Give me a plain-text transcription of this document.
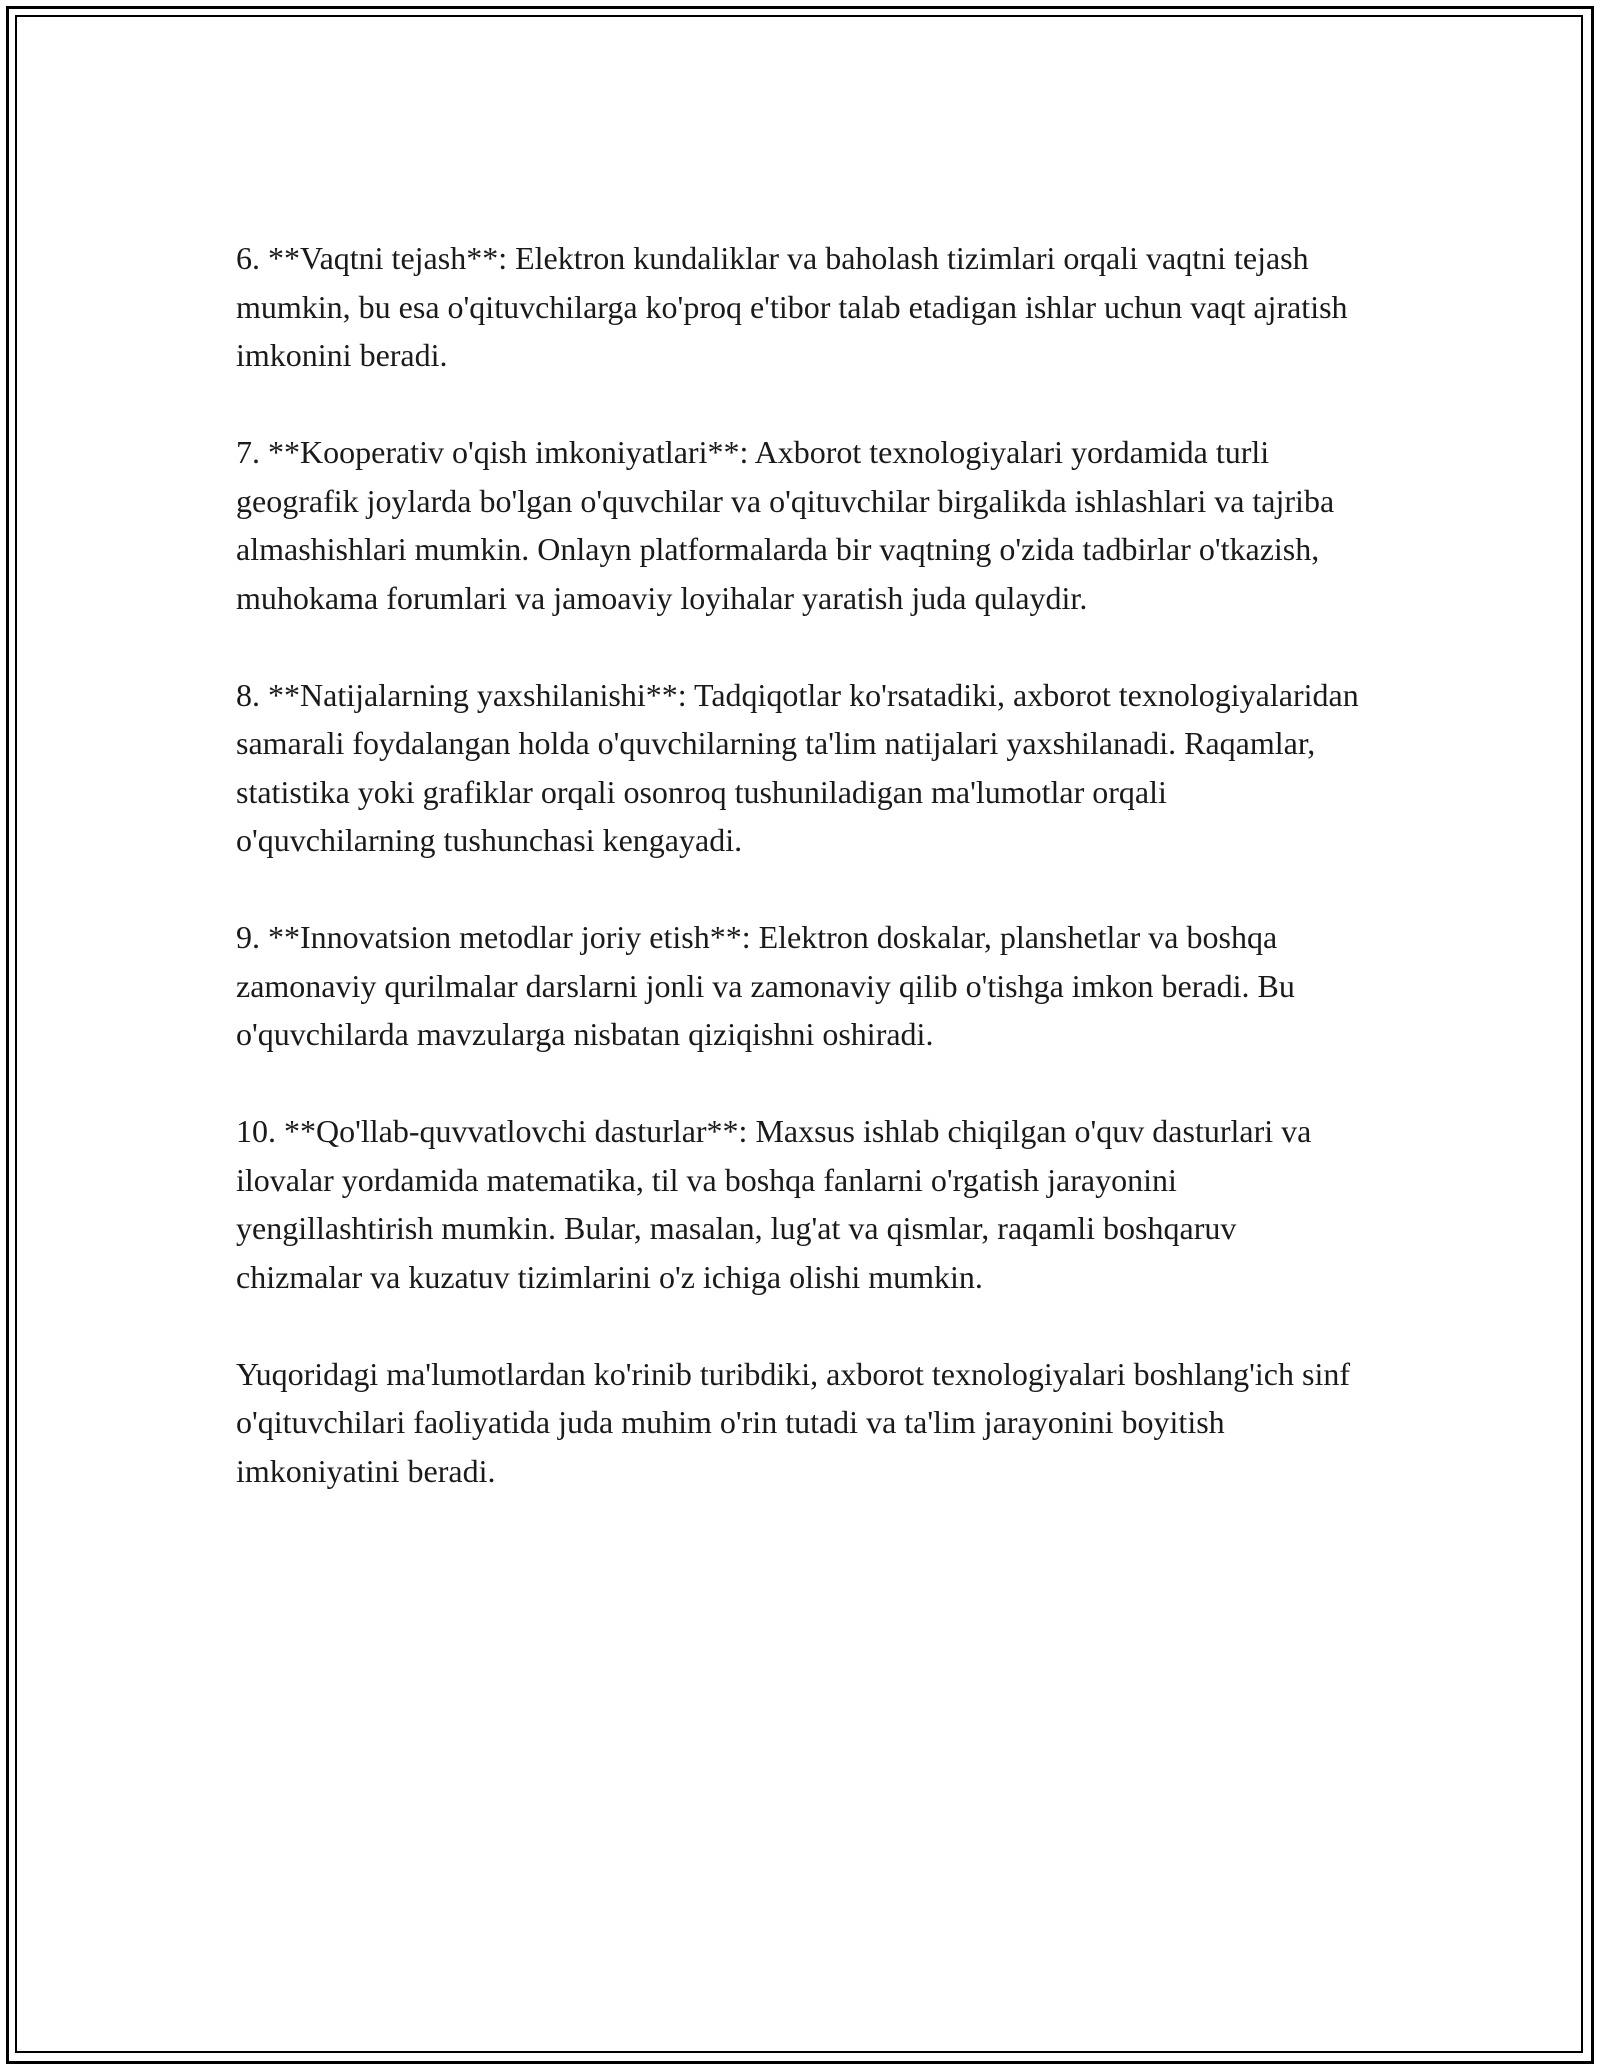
6. **Vaqtni tejash**: Elektron kundaliklar va baholash tizimlari orqali vaqtni tejash mumkin, bu esa o'qituvchilarga ko'proq e'tibor talab etadigan ishlar uchun vaqt ajratish imkonini beradi.

7. **Kooperativ o'qish imkoniyatlari**: Axborot texnologiyalari yordamida turli geografik joylarda bo'lgan o'quvchilar va o'qituvchilar birgalikda ishlashlari va tajriba almashishlari mumkin. Onlayn platformalarda bir vaqtning o'zida tadbirlar o'tkazish, muhokama forumlari va jamoaviy loyihalar yaratish juda qulaydir.

8. **Natijalarning yaxshilanishi**: Tadqiqotlar ko'rsatadiki, axborot texnologiyalaridan samarali foydalangan holda o'quvchilarning ta'lim natijalari yaxshilanadi. Raqamlar, statistika yoki grafiklar orqali osonroq tushuniladigan ma'lumotlar orqali o'quvchilarning tushunchasi kengayadi.

9. **Innovatsion metodlar joriy etish**: Elektron doskalar, planshetlar va boshqa zamonaviy qurilmalar darslarni jonli va zamonaviy qilib o'tishga imkon beradi. Bu o'quvchilarda mavzularga nisbatan qiziqishni oshiradi.

10. **Qo'llab-quvvatlovchi dasturlar**: Maxsus ishlab chiqilgan o'quv dasturlari va ilovalar yordamida matematika, til va boshqa fanlarni o'rgatish jarayonini yengillashtirish mumkin. Bular, masalan, lug'at va qismlar, raqamli boshqaruv chizmalar va kuzatuv tizimlarini o'z ichiga olishi mumkin.

Yuqoridagi ma'lumotlardan ko'rinib turibdiki, axborot texnologiyalari boshlang'ich sinf o'qituvchilari faoliyatida juda muhim o'rin tutadi va ta'lim jarayonini boyitish imkoniyatini beradi.
